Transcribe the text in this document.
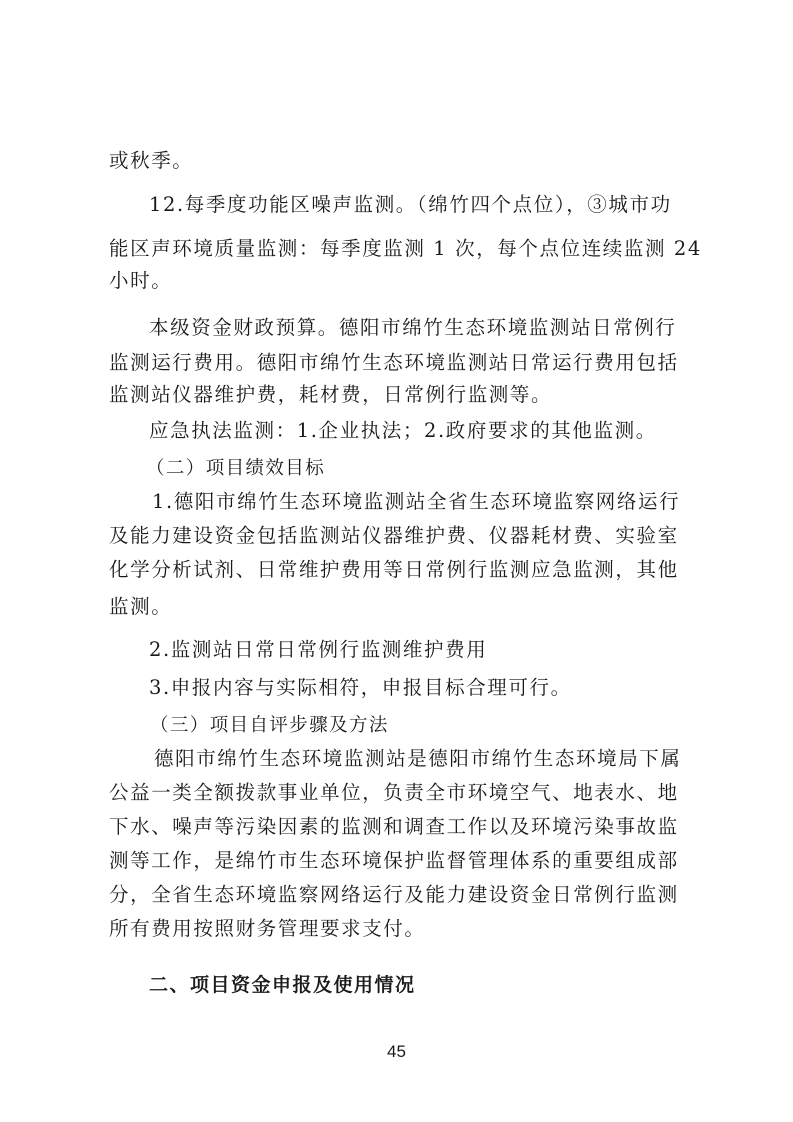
或秋季。
12.每季度功能区噪声监测。（绵竹四个点位），③城市功
能区声环境质量监测：每季度监测 1 次，每个点位连续监测 24
小时。
本级资金财政预算。德阳市绵竹生态环境监测站日常例行
监测运行费用。德阳市绵竹生态环境监测站日常运行费用包括
监测站仪器维护费，耗材费，日常例行监测等。
应急执法监测：1.企业执法；2.政府要求的其他监测。
（二）项目绩效目标
1.德阳市绵竹生态环境监测站全省生态环境监察网络运行
及能力建设资金包括监测站仪器维护费、仪器耗材费、实验室
化学分析试剂、日常维护费用等日常例行监测应急监测，其他
监测。
2.监测站日常日常例行监测维护费用
3.申报内容与实际相符，申报目标合理可行。
（三）项目自评步骤及方法
德阳市绵竹生态环境监测站是德阳市绵竹生态环境局下属
公益一类全额拨款事业单位，负责全市环境空气、地表水、地
下水、噪声等污染因素的监测和调查工作以及环境污染事故监
测等工作，是绵竹市生态环境保护监督管理体系的重要组成部
分，全省生态环境监察网络运行及能力建设资金日常例行监测
所有费用按照财务管理要求支付。
二、项目资金申报及使用情况
45
